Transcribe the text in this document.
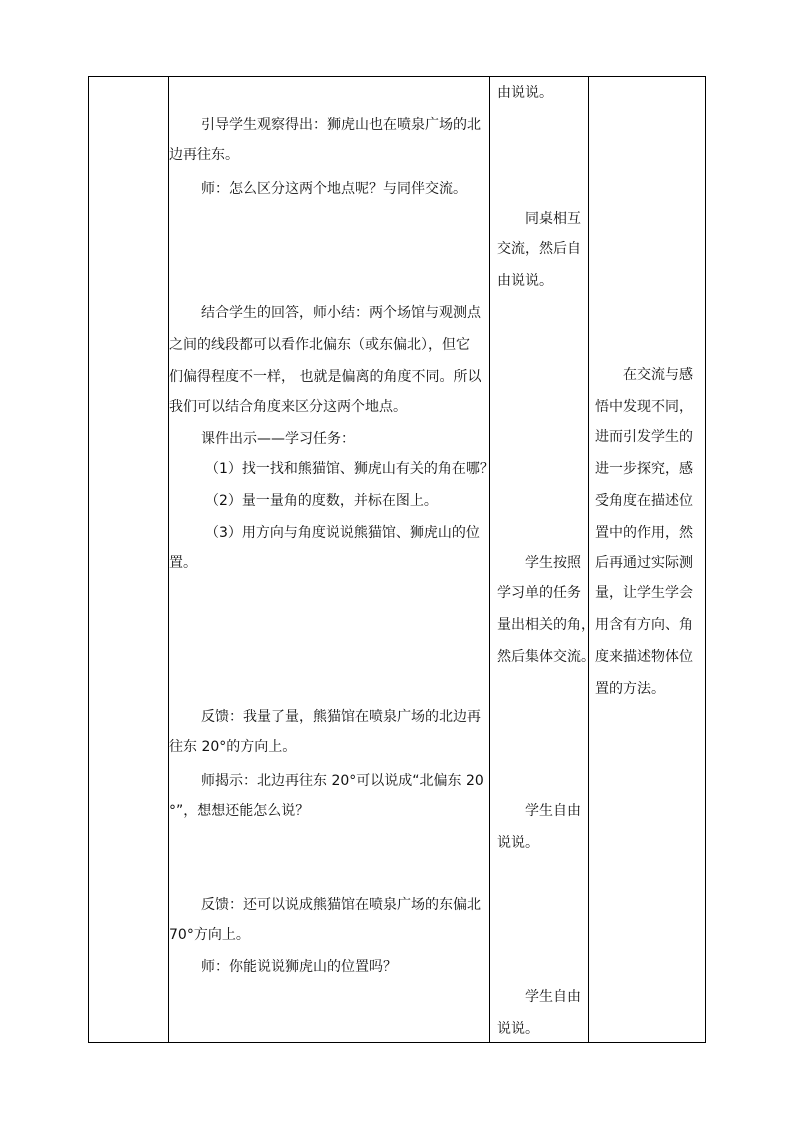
引导学生观察得出：狮虎山也在喷泉广场的北
边再往东。
师：怎么区分这两个地点呢？与同伴交流。
结合学生的回答，师小结：两个场馆与观测点
之间的线段都可以看作北偏东（或东偏北），但它
们偏得程度不一样， 也就是偏离的角度不同。所以
我们可以结合角度来区分这两个地点。
课件出示——学习任务：
（1）找一找和熊猫馆、狮虎山有关的角在哪？
（2）量一量角的度数，并标在图上。
（3）用方向与角度说说熊猫馆、狮虎山的位
置。
反馈：我量了量，熊猫馆在喷泉广场的北边再
往东 20°的方向上。
师揭示：北边再往东 20°可以说成“北偏东 20
°”，想想还能怎么说？
反馈：还可以说成熊猫馆在喷泉广场的东偏北
70°方向上。
师：你能说说狮虎山的位置吗？
由说说。
同桌相互
交流，然后自
由说说。
学生按照
学习单的任务
量出相关的角，
然后集体交流。
学生自由
说说。
学生自由
说说。
在交流与感
悟中发现不同，
进而引发学生的
进一步探究，感
受角度在描述位
置中的作用，然
后再通过实际测
量，让学生学会
用含有方向、角
度来描述物体位
置的方法。
